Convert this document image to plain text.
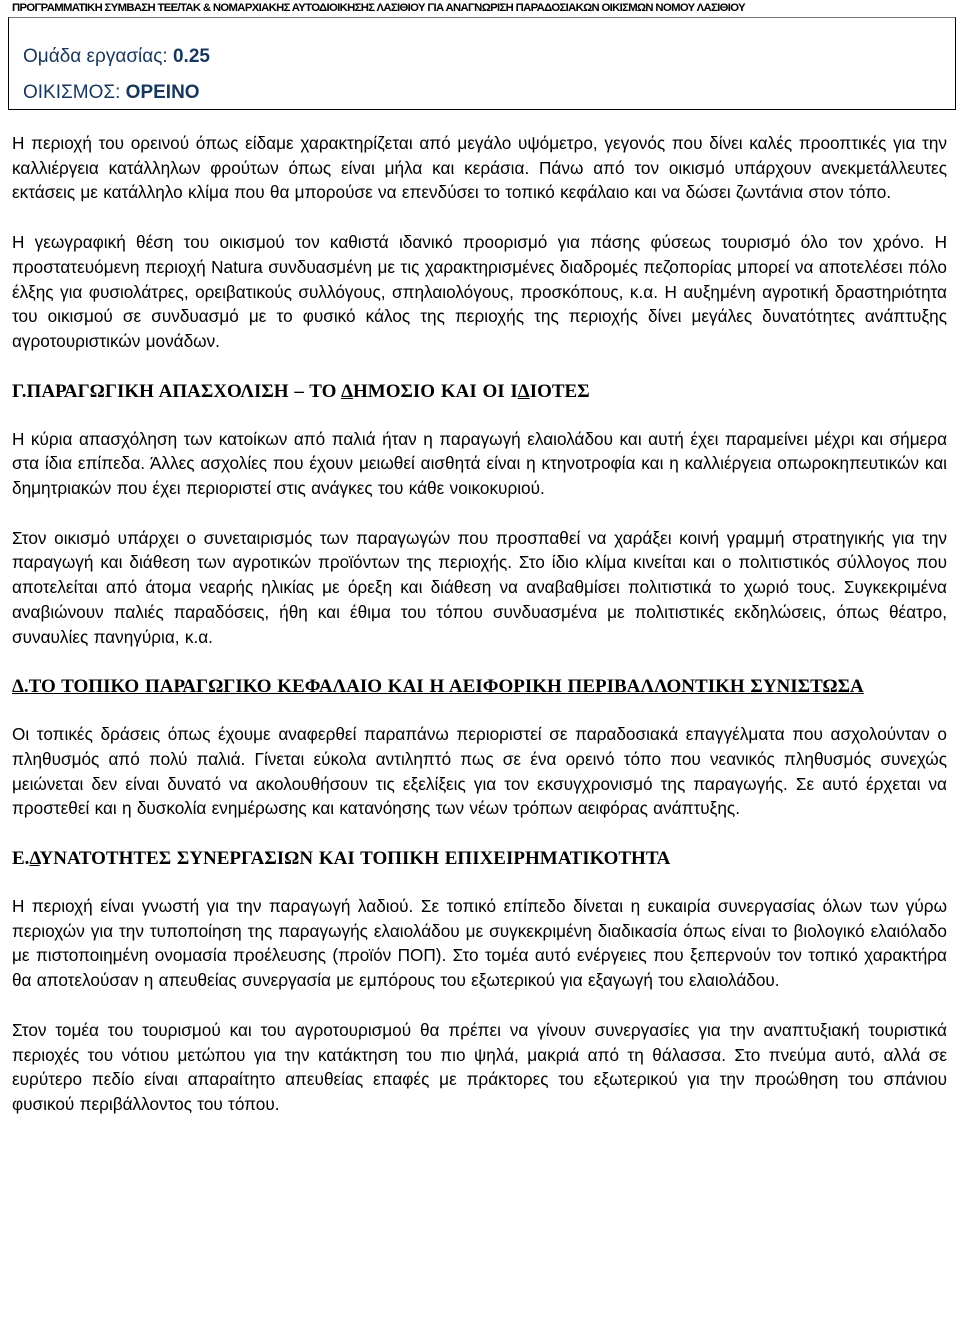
ΠΡΟΓΡΑΜΜΑΤΙΚΗ ΣΥΜΒΑΣΗ ΤΕΕ/ΤΑΚ & ΝΟΜΑΡΧΙΑΚΗΣ ΑΥΤΟΔΙΟΙΚΗΣΗΣ ΛΑΣΙΘΙΟΥ ΓΙΑ ΑΝΑΓΝΩΡΙΣΗ ΠΑΡΑΔΟΣΙΑΚΩΝ ΟΙΚΙΣΜΩΝ ΝΟΜΟΥ ΛΑΣΙΘΙΟΥ
Ομάδα εργασίας: 0.25
ΟΙΚΙΣΜΟΣ: ΟΡΕΙΝΟ

Η περιοχή του ορεινού όπως είδαμε χαρακτηρίζεται από μεγάλο υψόμετρο, γεγονός που δίνει καλές προοπτικές για την καλλιέργεια κατάλληλων φρούτων όπως είναι μήλα και κεράσια. Πάνω από τον οικισμό υπάρχουν ανεκμετάλλευτες εκτάσεις με κατάλληλο κλίμα που θα μπορούσε να επενδύσει το τοπικό κεφάλαιο και να δώσει ζωντάνια στον τόπο.

Η γεωγραφική θέση του οικισμού τον καθιστά ιδανικό προορισμό για πάσης φύσεως τουρισμό όλο τον χρόνο. Η προστατευόμενη περιοχή Natura συνδυασμένη με τις χαρακτηρισμένες διαδρομές πεζοπορίας μπορεί να αποτελέσει πόλο έλξης για φυσιολάτρες, ορειβατικούς συλλόγους, σπηλαιολόγους, προσκόπους, κ.α. Η αυξημένη αγροτική δραστηριότητα του οικισμού σε συνδυασμό με το φυσικό κάλος της περιοχής της περιοχής δίνει μεγάλες δυνατότητες ανάπτυξης αγροτουριστικών μονάδων.

Γ.ΠΑΡΑΓΩΓΙΚΗ ΑΠΑΣΧΟΛΙΣΗ – ΤΟ ΔΗΜΟΣΙΟ ΚΑΙ ΟΙ ΙΔΙΟΤΕΣ

Η κύρια απασχόληση των κατοίκων από παλιά ήταν η παραγωγή ελαιολάδου και αυτή έχει παραμείνει μέχρι και σήμερα στα ίδια επίπεδα. Άλλες ασχολίες που έχουν μειωθεί αισθητά είναι η κτηνοτροφία και η καλλιέργεια οπωροκηπευτικών και δημητριακών που έχει περιοριστεί στις ανάγκες του κάθε νοικοκυριού.

Στον οικισμό υπάρχει ο συνεταιρισμός των παραγωγών που προσπαθεί να χαράξει κοινή γραμμή στρατηγικής για την παραγωγή και διάθεση των αγροτικών προϊόντων της περιοχής. Στο ίδιο κλίμα κινείται και ο πολιτιστικός σύλλογος που αποτελείται από άτομα νεαρής ηλικίας με όρεξη και διάθεση να αναβαθμίσει πολιτιστικά το χωριό τους. Συγκεκριμένα αναβιώνουν παλιές παραδόσεις, ήθη και έθιμα του τόπου συνδυασμένα με πολιτιστικές εκδηλώσεις, όπως θέατρο, συναυλίες πανηγύρια, κ.α.

Δ.ΤΟ ΤΟΠΙΚΟ ΠΑΡΑΓΩΓΙΚΟ ΚΕΦΑΛΑΙΟ ΚΑΙ Η ΑΕΙΦΟΡΙΚΗ ΠΕΡΙΒΑΛΛΟΝΤΙΚΗ ΣΥΝΙΣΤΩΣΑ

Οι τοπικές δράσεις όπως έχουμε αναφερθεί παραπάνω περιοριστεί σε παραδοσιακά επαγγέλματα που ασχολούνταν ο πληθυσμός από πολύ παλιά. Γίνεται εύκολα αντιληπτό πως σε ένα ορεινό τόπο που νεανικός πληθυσμός συνεχώς μειώνεται δεν είναι δυνατό να ακολουθήσουν τις εξελίξεις για τον εκσυγχρονισμό της παραγωγής. Σε αυτό έρχεται να προστεθεί και η δυσκολία ενημέρωσης και κατανόησης των νέων τρόπων αειφόρας ανάπτυξης.

Ε.ΔΥΝΑΤΟΤΗΤΕΣ ΣΥΝΕΡΓΑΣΙΩΝ ΚΑΙ ΤΟΠΙΚΗ ΕΠΙΧΕΙΡΗΜΑΤΙΚΟΤΗΤΑ

Η περιοχή είναι γνωστή για την παραγωγή λαδιού. Σε τοπικό επίπεδο δίνεται η ευκαιρία συνεργασίας όλων των γύρω περιοχών για την τυποποίηση της παραγωγής ελαιολάδου με συγκεκριμένη διαδικασία όπως είναι το βιολογικό ελαιόλαδο με πιστοποιημένη ονομασία προέλευσης (προϊόν ΠΟΠ). Στο τομέα αυτό ενέργειες που ξεπερνούν τον τοπικό χαρακτήρα θα αποτελούσαν η απευθείας συνεργασία με εμπόρους του εξωτερικού για εξαγωγή του ελαιολάδου.

Στον τομέα του τουρισμού και του αγροτουρισμού θα πρέπει να γίνουν συνεργασίες για την αναπτυξιακή τουριστικά περιοχές του νότιου μετώπου για την κατάκτηση του πιο ψηλά, μακριά από τη θάλασσα. Στο πνεύμα αυτό, αλλά σε ευρύτερο πεδίο είναι απαραίτητο απευθείας επαφές με πράκτορες του εξωτερικού για την προώθηση του σπάνιου φυσικού περιβάλλοντος του τόπου.
